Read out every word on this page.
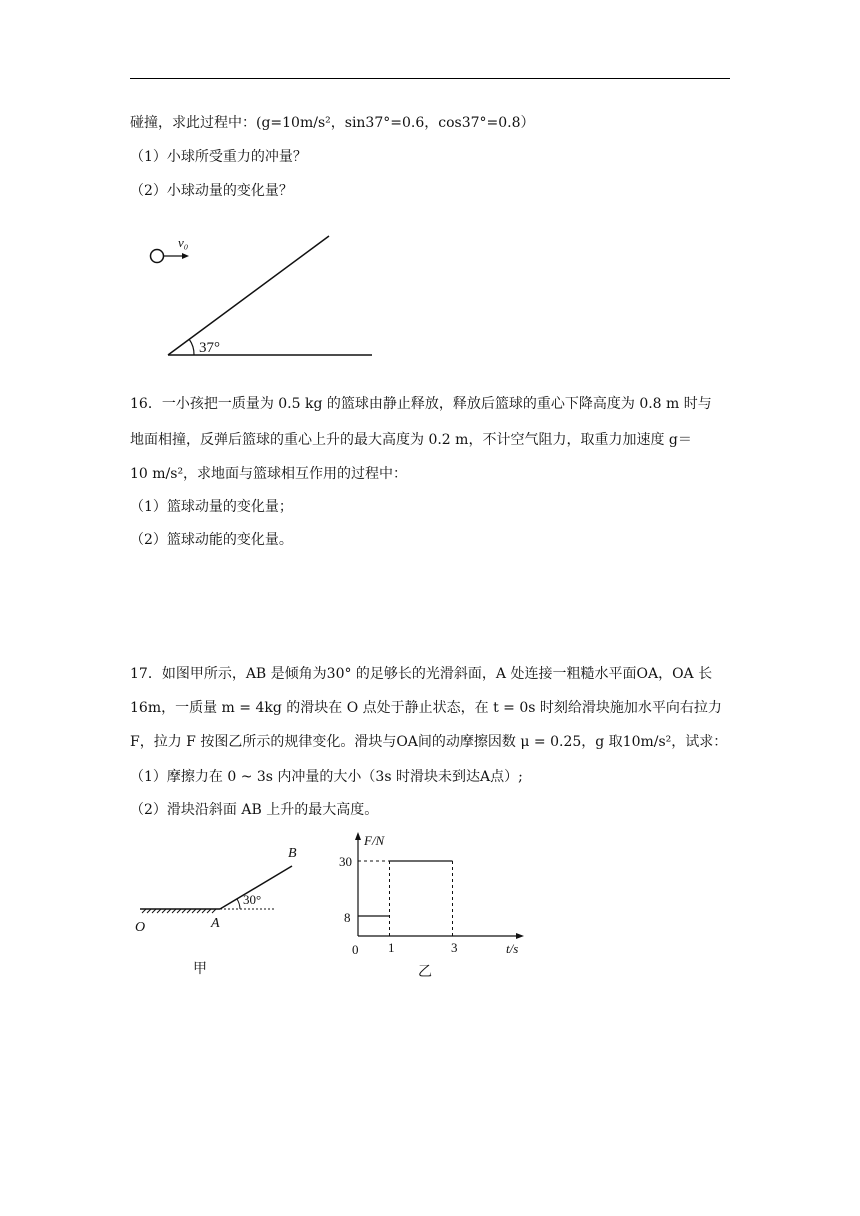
碰撞，求此过程中：(g=10m/s²，sin37°=0.6，cos37°=0.8）
（1）小球所受重力的冲量？
（2）小球动量的变化量？
v₀
37°
16．一小孩把一质量为 0.5 kg 的篮球由静止释放，释放后篮球的重心下降高度为 0.8 m 时与
地面相撞，反弹后篮球的重心上升的最大高度为 0.2 m，不计空气阻力，取重力加速度 g＝
10 m/s²，求地面与篮球相互作用的过程中：
（1）篮球动量的变化量；
（2）篮球动能的变化量。
17．如图甲所示，AB 是倾角为30° 的足够长的光滑斜面，A 处连接一粗糙水平面OA，OA 长
16m，一质量 m = 4kg 的滑块在 O 点处于静止状态，在 t = 0s 时刻给滑块施加水平向右拉力
F，拉力 F 按图乙所示的规律变化。滑块与OA间的动摩擦因数 μ = 0.25，g 取10m/s²，试求：
（1）摩擦力在 0 ~ 3s 内冲量的大小（3s 时滑块未到达A点）;
（2）滑块沿斜面 AB 上升的最大高度。
30°
B
O	A
甲
F/N
t/s
0
30
8
1	3
乙
